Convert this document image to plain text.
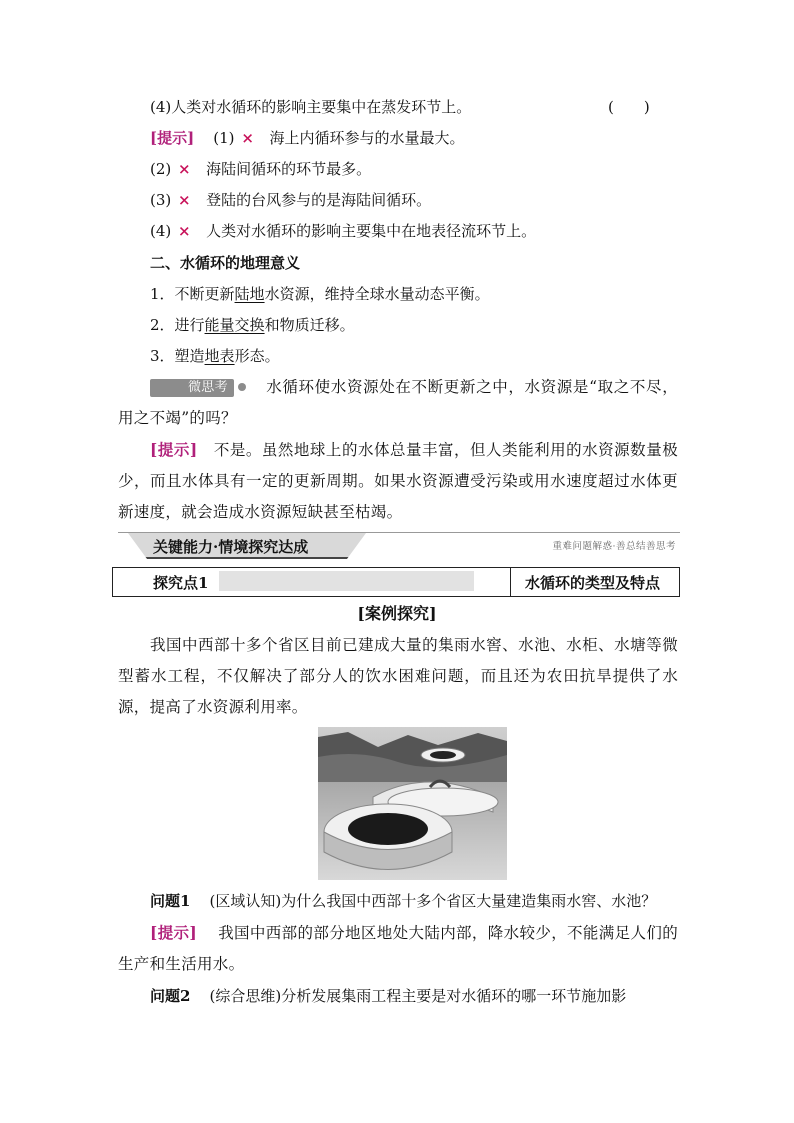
(4)人类对水循环的影响主要集中在蒸发环节上。	(　　)
[提示] (1) × 海上内循环参与的水量最大。
(2) × 海陆间循环的环节最多。
(3) × 登陆的台风参与的是海陆间循环。
(4) × 人类对水循环的影响主要集中在地表径流环节上。
二、水循环的地理意义
1．不断更新陆地水资源，维持全球水量动态平衡。
2．进行能量交换和物质迁移。
3．塑造地表形态。
微思考 水循环使水资源处在不断更新之中，水资源是“取之不尽，用之不竭”的吗？
[提示] 不是。虽然地球上的水体总量丰富，但人类能利用的水资源数量极少，而且水体具有一定的更新周期。如果水资源遭受污染或用水速度超过水体更新速度，就会造成水资源短缺甚至枯竭。
关键能力·情境探究达成	重难问题解惑·善总结善思考
探究点1	水循环的类型及特点
[案例探究]
我国中西部十多个省区目前已建成大量的集雨水窖、水池、水柜、水塘等微型蓄水工程，不仅解决了部分人的饮水困难问题，而且还为农田抗旱提供了水源，提高了水资源利用率。
问题1 (区域认知)为什么我国中西部十多个省区大量建造集雨水窖、水池？
[提示] 我国中西部的部分地区地处大陆内部，降水较少，不能满足人们的生产和生活用水。
问题2 (综合思维)分析发展集雨工程主要是对水循环的哪一环节施加影
